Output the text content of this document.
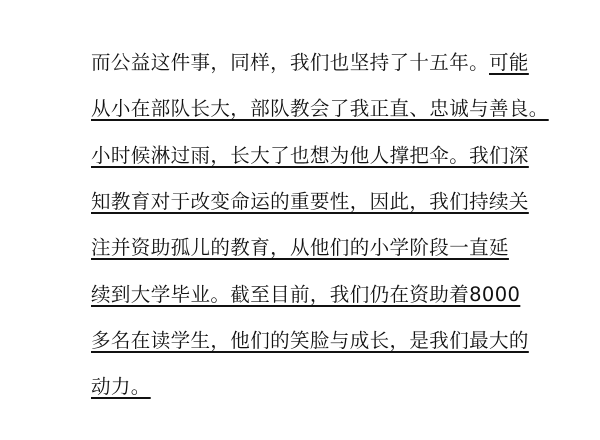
而公益这件事，同样，我们也坚持了十五年。可能
从小在部队长大，部队教会了我正直、忠诚与善良。
小时候淋过雨，长大了也想为他人撑把伞。我们深
知教育对于改变命运的重要性，因此，我们持续关
注并资助孤儿的教育，从他们的小学阶段一直延
续到大学毕业。截至目前，我们仍在资助着8000
多名在读学生，他们的笑脸与成长，是我们最大的
动力。
